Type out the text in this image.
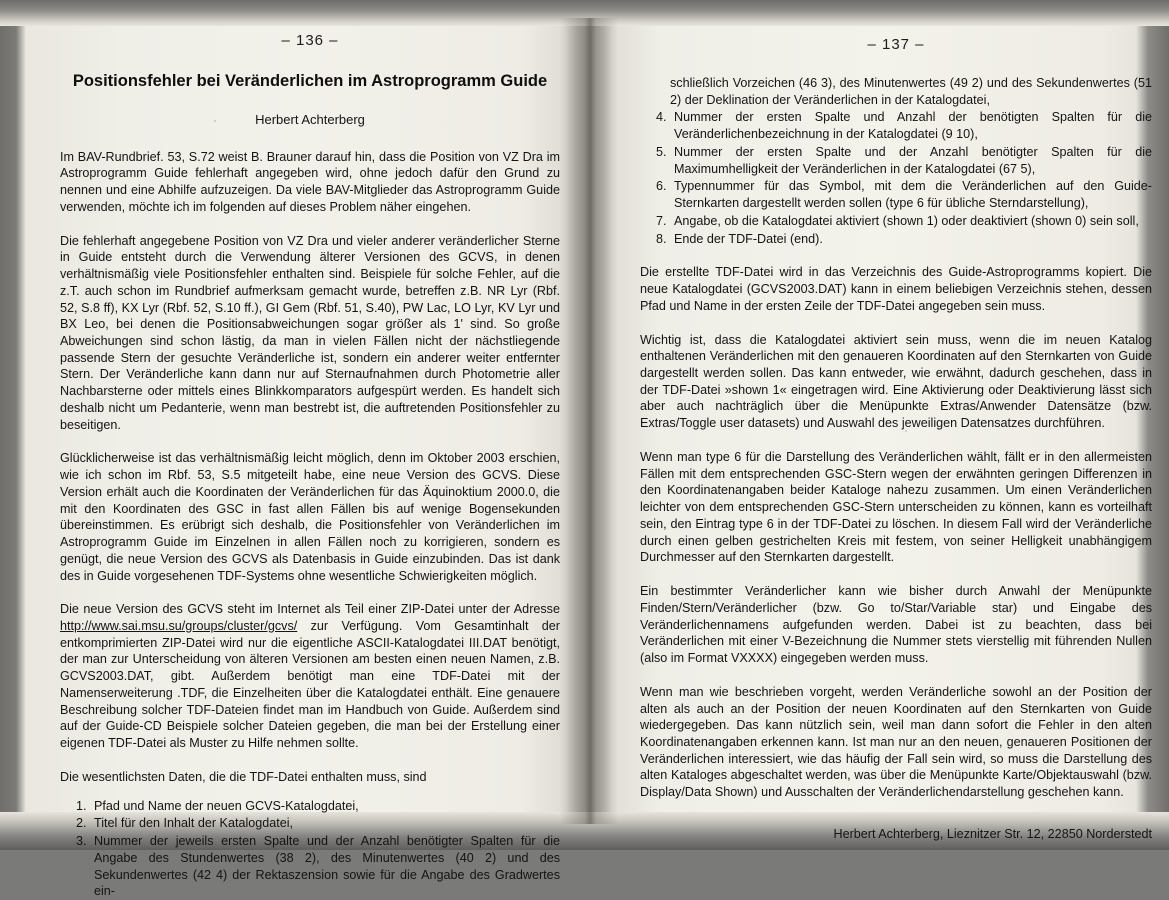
– 136 –
Positionsfehler bei Veränderlichen im Astroprogramm Guide
Herbert Achterberg

Im BAV-Rundbrief. 53, S.72 weist B. Brauner darauf hin, dass die Position von VZ Dra im Astroprogramm Guide fehlerhaft angegeben wird, ohne jedoch dafür den Grund zu nennen und eine Abhilfe aufzuzeigen. Da viele BAV-Mitglieder das Astroprogramm Guide verwenden, möchte ich im folgenden auf dieses Problem näher eingehen.

Die fehlerhaft angegebene Position von VZ Dra und vieler anderer veränderlicher Sterne in Guide entsteht durch die Verwendung älterer Versionen des GCVS, in denen verhältnismäßig viele Positionsfehler enthalten sind. Beispiele für solche Fehler, auf die z.T. auch schon im Rundbrief aufmerksam gemacht wurde, betreffen z.B. NR Lyr (Rbf. 52, S.8 ff), KX Lyr (Rbf. 52, S.10 ff.), GI Gem (Rbf. 51, S.40), PW Lac, LO Lyr, KV Lyr und BX Leo, bei denen die Positionsabweichungen sogar größer als 1' sind. So große Abweichungen sind schon lästig, da man in vielen Fällen nicht der nächstliegende passende Stern der gesuchte Veränderliche ist, sondern ein anderer weiter entfernter Stern. Der Veränderliche kann dann nur auf Sternaufnahmen durch Photometrie aller Nachbarsterne oder mittels eines Blinkkomparators aufgespürt werden. Es handelt sich deshalb nicht um Pedanterie, wenn man bestrebt ist, die auftretenden Positionsfehler zu beseitigen.

Glücklicherweise ist das verhältnismäßig leicht möglich, denn im Oktober 2003 erschien, wie ich schon im Rbf. 53, S.5 mitgeteilt habe, eine neue Version des GCVS. Diese Version erhält auch die Koordinaten der Veränderlichen für das Äquinoktium 2000.0, die mit den Koordinaten des GSC in fast allen Fällen bis auf wenige Bogensekunden übereinstimmen. Es erübrigt sich deshalb, die Positionsfehler von Veränderlichen im Astroprogramm Guide im Einzelnen in allen Fällen noch zu korrigieren, sondern es genügt, die neue Version des GCVS als Datenbasis in Guide einzubinden. Das ist dank des in Guide vorgesehenen TDF-Systems ohne wesentliche Schwierigkeiten möglich.

Die neue Version des GCVS steht im Internet als Teil einer ZIP-Datei unter der Adresse http://www.sai.msu.su/groups/cluster/gcvs/ zur Verfügung. Vom Gesamtinhalt der entkomprimierten ZIP-Datei wird nur die eigentliche ASCII-Katalogdatei III.DAT benötigt, der man zur Unterscheidung von älteren Versionen am besten einen neuen Namen, z.B. GCVS2003.DAT, gibt. Außerdem benötigt man eine TDF-Datei mit der Namenserweiterung .TDF, die Einzelheiten über die Katalogdatei enthält. Eine genauere Beschreibung solcher TDF-Dateien findet man im Handbuch von Guide. Außerdem sind auf der Guide-CD Beispiele solcher Dateien gegeben, die man bei der Erstellung einer eigenen TDF-Datei als Muster zu Hilfe nehmen sollte.

Die wesentlichsten Daten, die die TDF-Datei enthalten muss, sind

1. Pfad und Name der neuen GCVS-Katalogdatei,
2. Titel für den Inhalt der Katalogdatei,
3. Nummer der jeweils ersten Spalte und der Anzahl benötigter Spalten für die Angabe des Stundenwertes (38 2), des Minutenwertes (40 2) und des Sekundenwertes (42 4) der Rektaszension sowie für die Angabe des Gradwertes ein-
– 137 –
schließlich Vorzeichen (46 3), des Minutenwertes (49 2) und des Sekundenwertes (51 2) der Deklination der Veränderlichen in der Katalogdatei,
4. Nummer der ersten Spalte und Anzahl der benötigten Spalten für die Veränderlichenbezeichnung in der Katalogdatei (9 10),
5. Nummer der ersten Spalte und der Anzahl benötigter Spalten für die Maximumhelligkeit der Veränderlichen in der Katalogdatei (67 5),
6. Typennummer für das Symbol, mit dem die Veränderlichen auf den Guide-Sternkarten dargestellt werden sollen (type 6 für übliche Sterndarstellung),
7. Angabe, ob die Katalogdatei aktiviert (shown 1) oder deaktiviert (shown 0) sein soll,
8. Ende der TDF-Datei (end).

Die erstellte TDF-Datei wird in das Verzeichnis des Guide-Astroprogramms kopiert. Die neue Katalogdatei (GCVS2003.DAT) kann in einem beliebigen Verzeichnis stehen, dessen Pfad und Name in der ersten Zeile der TDF-Datei angegeben sein muss.

Wichtig ist, dass die Katalogdatei aktiviert sein muss, wenn die im neuen Katalog enthaltenen Veränderlichen mit den genaueren Koordinaten auf den Sternkarten von Guide dargestellt werden sollen. Das kann entweder, wie erwähnt, dadurch geschehen, dass in der TDF-Datei »shown 1« eingetragen wird. Eine Aktivierung oder Deaktivierung lässt sich aber auch nachträglich über die Menüpunkte Extras/Anwender Datensätze (bzw. Extras/Toggle user datasets) und Auswahl des jeweiligen Datensatzes durchführen.

Wenn man type 6 für die Darstellung des Veränderlichen wählt, fällt er in den allermeisten Fällen mit dem entsprechenden GSC-Stern wegen der erwähnten geringen Differenzen in den Koordinatenangaben beider Kataloge nahezu zusammen. Um einen Veränderlichen leichter von dem entsprechenden GSC-Stern unterscheiden zu können, kann es vorteilhaft sein, den Eintrag type 6 in der TDF-Datei zu löschen. In diesem Fall wird der Veränderliche durch einen gelben gestrichelten Kreis mit festem, von seiner Helligkeit unabhängigem Durchmesser auf den Sternkarten dargestellt.

Ein bestimmter Veränderlicher kann wie bisher durch Anwahl der Menüpunkte Finden/Stern/Veränderlicher (bzw. Go to/Star/Variable star) und Eingabe des Veränderlichennamens aufgefunden werden. Dabei ist zu beachten, dass bei Veränderlichen mit einer V-Bezeichnung die Nummer stets vierstellig mit führenden Nullen (also im Format VXXXX) eingegeben werden muss.

Wenn man wie beschrieben vorgeht, werden Veränderliche sowohl an der Position der alten als auch an der Position der neuen Koordinaten auf den Sternkarten von Guide wiedergegeben. Das kann nützlich sein, weil man dann sofort die Fehler in den alten Koordinatenangaben erkennen kann. Ist man nur an den neuen, genaueren Positionen der Veränderlichen interessiert, wie das häufig der Fall sein wird, so muss die Darstellung des alten Kataloges abgeschaltet werden, was über die Menüpunkte Karte/Objektauswahl (bzw. Display/Data Shown) und Ausschalten der Veränderlichendarstellung geschehen kann.

Herbert Achterberg, Lieznitzer Str. 12, 22850 Norderstedt
